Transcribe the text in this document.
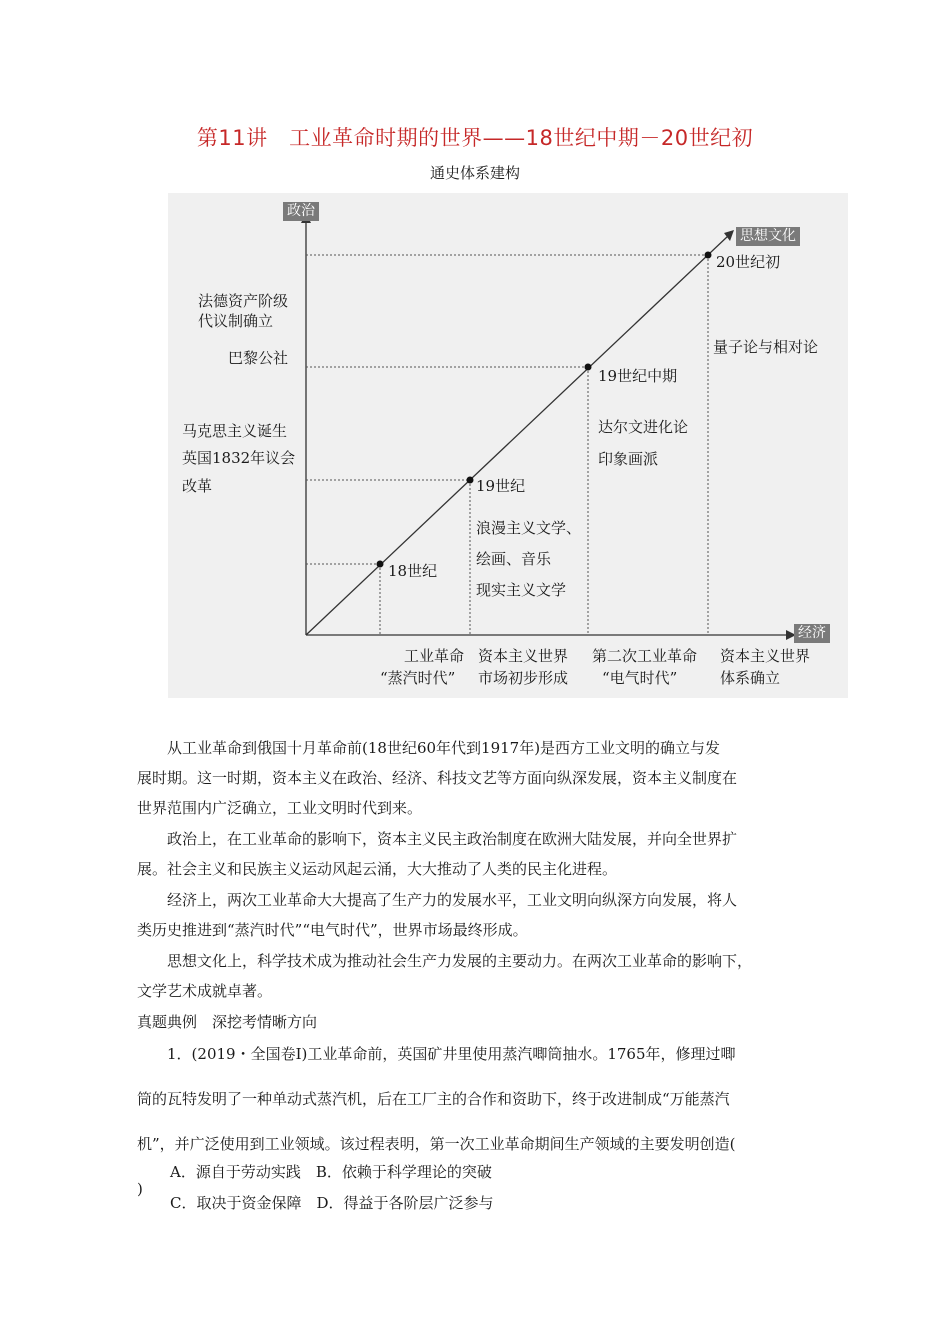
第11讲　工业革命时期的世界——18世纪中期－20世纪初
通史体系建构
政治
经济
思想文化
18世纪
19世纪
19世纪中期
20世纪初
法德资产阶级
代议制确立
巴黎公社
马克思主义诞生
英国1832年议会
改革
量子论与相对论
达尔文进化论
印象画派
浪漫主义文学、
绘画、音乐
现实主义文学
工业革命
“蒸汽时代”
资本主义世界
市场初步形成
第二次工业革命
“电气时代”
资本主义世界
体系确立

从工业革命到俄国十月革命前(18世纪60年代到1917年)是西方工业文明的确立与发

展时期。这一时期，资本主义在政治、经济、科技文艺等方面向纵深发展，资本主义制度在

世界范围内广泛确立，工业文明时代到来。

政治上，在工业革命的影响下，资本主义民主政治制度在欧洲大陆发展，并向全世界扩

展。社会主义和民族主义运动风起云涌，大大推动了人类的民主化进程。

经济上，两次工业革命大大提高了生产力的发展水平，工业文明向纵深方向发展，将人

类历史推进到“蒸汽时代”“电气时代”，世界市场最终形成。

思想文化上，科学技术成为推动社会生产力发展的主要动力。在两次工业革命的影响下，

文学艺术成就卓著。

真题典例　深挖考情晰方向

1．(2019・全国卷Ⅰ)工业革命前，英国矿井里使用蒸汽唧筒抽水。1765年，修理过唧

筒的瓦特发明了一种单动式蒸汽机，后在工厂主的合作和资助下，终于改进制成“万能蒸汽

机”，并广泛使用到工业领域。该过程表明，第一次工业革命期间生产领域的主要发明创造(

)

A．源自于劳动实践　 B．依赖于科学理论的突破
C．取决于资金保障　 D．得益于各阶层广泛参与
